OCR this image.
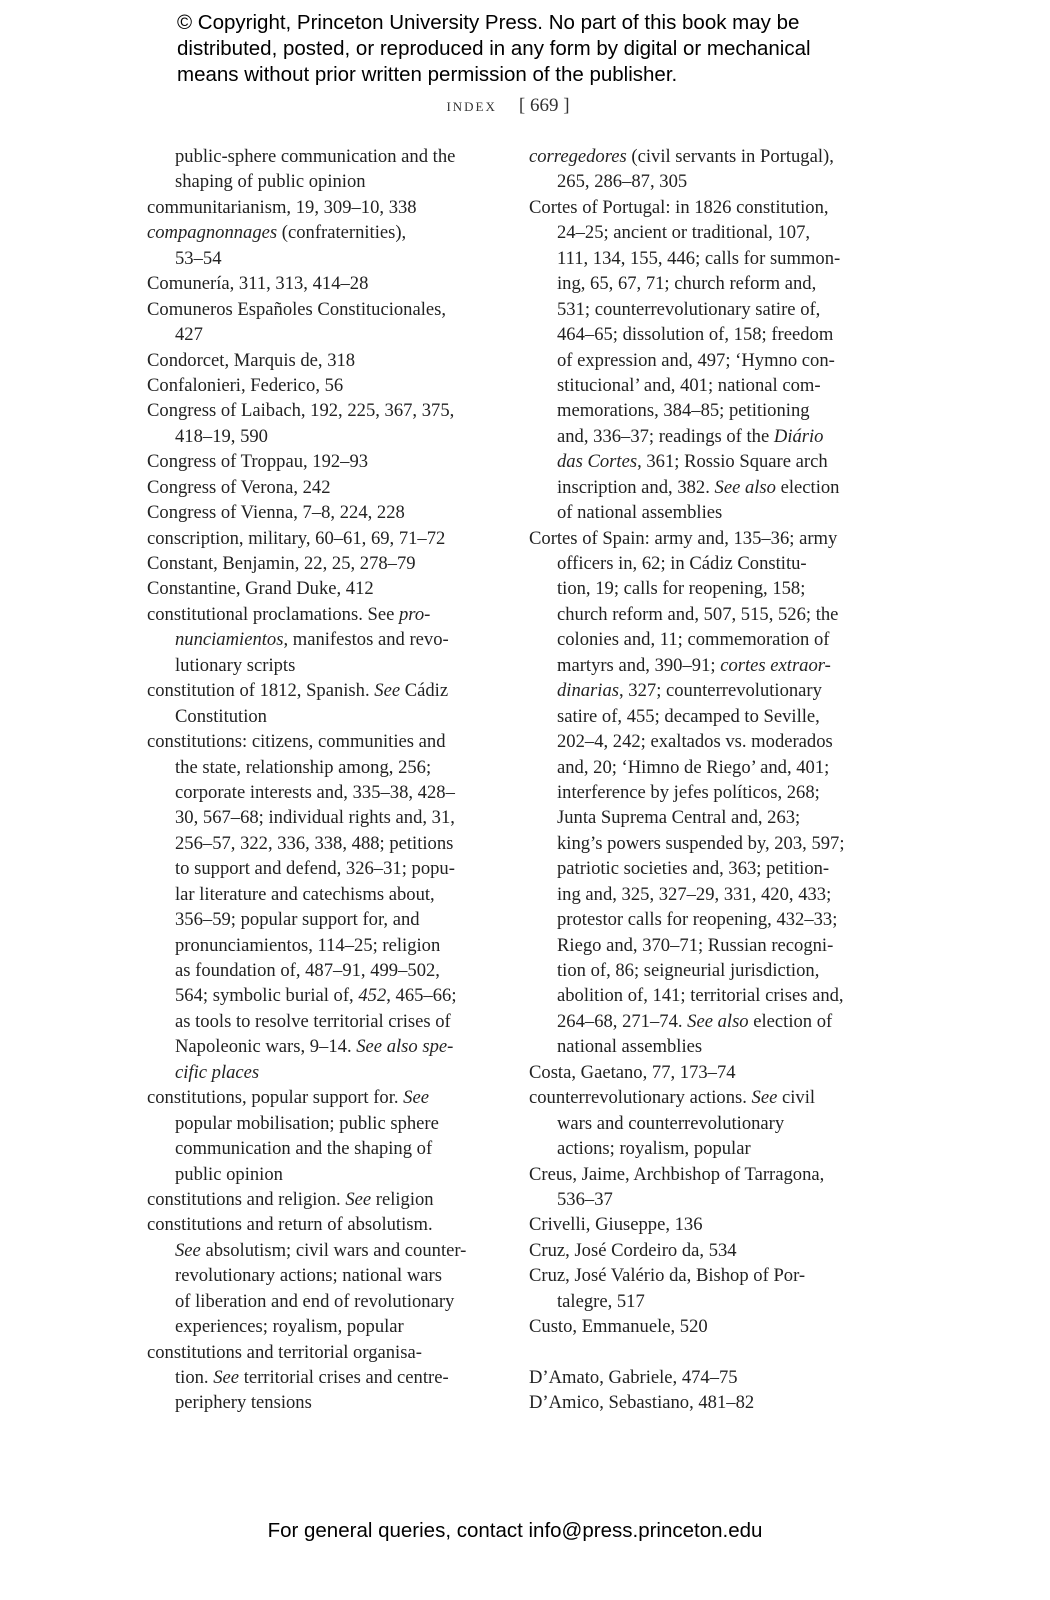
© Copyright, Princeton University Press. No part of this book may be
distributed, posted, or reproduced in any form by digital or mechanical
means without prior written permission of the publisher.
index [ 669 ]
public-sphere communication and the
shaping of public opinion
communitarianism, 19, 309–10, 338
compagnonnages (confraternities),
53–54
Comunería, 311, 313, 414–28
Comuneros Españoles Constitucionales,
427
Condorcet, Marquis de, 318
Confalonieri, Federico, 56
Congress of Laibach, 192, 225, 367, 375,
418–19, 590
Congress of Troppau, 192–93
Congress of Verona, 242
Congress of Vienna, 7–8, 224, 228
conscription, military, 60–61, 69, 71–72
Constant, Benjamin, 22, 25, 278–79
Constantine, Grand Duke, 412
constitutional proclamations. See pro-
nunciamientos, manifestos and revo-
lutionary scripts
constitution of 1812, Spanish. See Cádiz
Constitution
constitutions: citizens, communities and
the state, relationship among, 256;
corporate interests and, 335–38, 428–
30, 567–68; individual rights and, 31,
256–57, 322, 336, 338, 488; petitions
to support and defend, 326–31; popu-
lar literature and catechisms about,
356–59; popular support for, and
pronunciamientos, 114–25; religion
as foundation of, 487–91, 499–502,
564; symbolic burial of, 452, 465–66;
as tools to resolve territorial crises of
Napoleonic wars, 9–14. See also spe-
cific places
constitutions, popular support for. See
popular mobilisation; public sphere
communication and the shaping of
public opinion
constitutions and religion. See religion
constitutions and return of absolutism.
See absolutism; civil wars and counter-
revolutionary actions; national wars
of liberation and end of revolutionary
experiences; royalism, popular
constitutions and territorial organisa-
tion. See territorial crises and centre-
periphery tensions
corregedores (civil servants in Portugal),
265, 286–87, 305
Cortes of Portugal: in 1826 constitution,
24–25; ancient or traditional, 107,
111, 134, 155, 446; calls for summon-
ing, 65, 67, 71; church reform and,
531; counterrevolutionary satire of,
464–65; dissolution of, 158; freedom
of expression and, 497; ‘Hymno con-
stitucional’ and, 401; national com-
memorations, 384–85; petitioning
and, 336–37; readings of the Diário
das Cortes, 361; Rossio Square arch
inscription and, 382. See also election
of national assemblies
Cortes of Spain: army and, 135–36; army
officers in, 62; in Cádiz Constitu-
tion, 19; calls for reopening, 158;
church reform and, 507, 515, 526; the
colonies and, 11; commemoration of
martyrs and, 390–91; cortes extraor-
dinarias, 327; counterrevolutionary
satire of, 455; decamped to Seville,
202–4, 242; exaltados vs. moderados
and, 20; ‘Himno de Riego’ and, 401;
interference by jefes políticos, 268;
Junta Suprema Central and, 263;
king’s powers suspended by, 203, 597;
patriotic societies and, 363; petition-
ing and, 325, 327–29, 331, 420, 433;
protestor calls for reopening, 432–33;
Riego and, 370–71; Russian recogni-
tion of, 86; seigneurial jurisdiction,
abolition of, 141; territorial crises and,
264–68, 271–74. See also election of
national assemblies
Costa, Gaetano, 77, 173–74
counterrevolutionary actions. See civil
wars and counterrevolutionary
actions; royalism, popular
Creus, Jaime, Archbishop of Tarragona,
536–37
Crivelli, Giuseppe, 136
Cruz, José Cordeiro da, 534
Cruz, José Valério da, Bishop of Por-
talegre, 517
Custo, Emmanuele, 520
D’Amato, Gabriele, 474–75
D’Amico, Sebastiano, 481–82
For general queries, contact info@press.princeton.edu
